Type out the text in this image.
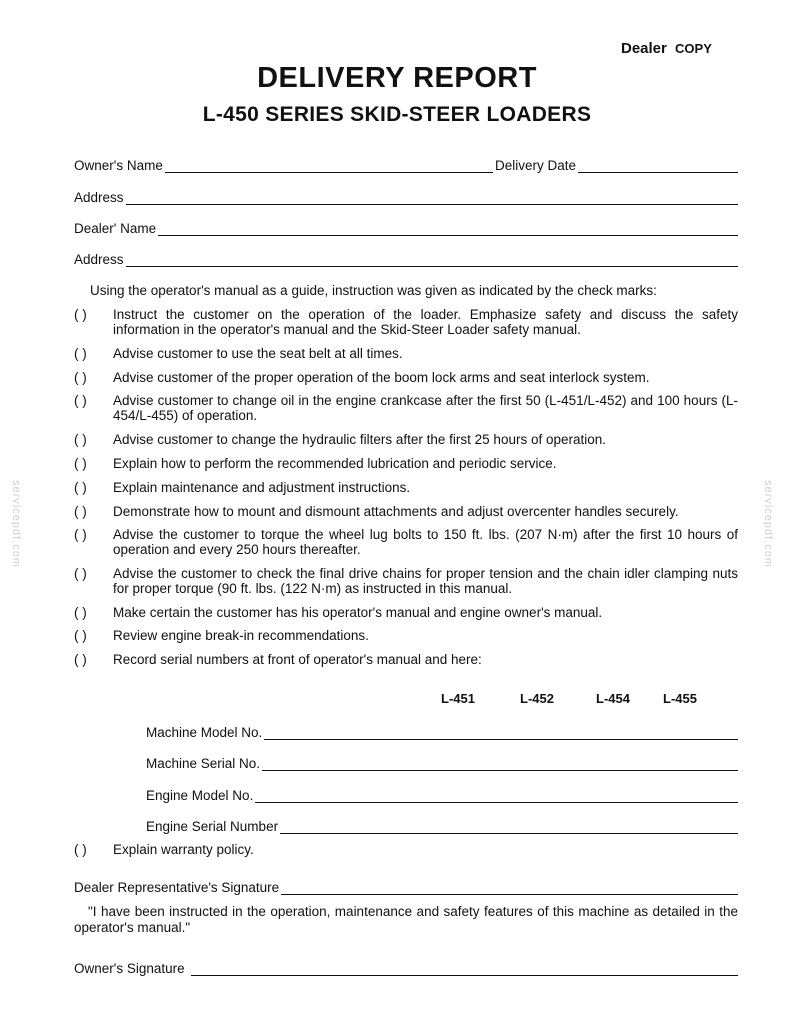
Dealer COPY
DELIVERY REPORT
L-450 SERIES SKID-STEER LOADERS
Owner's Name	Delivery Date
Address
Dealer' Name
Address
Using the operator's manual as a guide, instruction was given as indicated by the check marks:
( ) Instruct the customer on the operation of the loader. Emphasize safety and discuss the safety information in the operator's manual and the Skid-Steer Loader safety manual.
( ) Advise customer to use the seat belt at all times.
( ) Advise customer of the proper operation of the boom lock arms and seat interlock system.
( ) Advise customer to change oil in the engine crankcase after the first 50 (L-451/L-452) and 100 hours (L-454/L-455) of operation.
( ) Advise customer to change the hydraulic filters after the first 25 hours of operation.
( ) Explain how to perform the recommended lubrication and periodic service.
( ) Explain maintenance and adjustment instructions.
( ) Demonstrate how to mount and dismount attachments and adjust overcenter handles securely.
( ) Advise the customer to torque the wheel lug bolts to 150 ft. lbs. (207 N·m) after the first 10 hours of operation and every 250 hours thereafter.
( ) Advise the customer to check the final drive chains for proper tension and the chain idler clamping nuts for proper torque (90 ft. lbs. (122 N·m) as instructed in this manual.
( ) Make certain the customer has his operator's manual and engine owner's manual.
( ) Review engine break-in recommendations.
( ) Record serial numbers at front of operator's manual and here:
L-451	L-452	L-454	L-455
Machine Model No.
Machine Serial No.
Engine Model No.
Engine Serial Number
( ) Explain warranty policy.
Dealer Representative's Signature
"I have been instructed in the operation, maintenance and safety features of this machine as detailed in the operator's manual."
Owner's Signature
servicepdf.com	servicepdf.com
